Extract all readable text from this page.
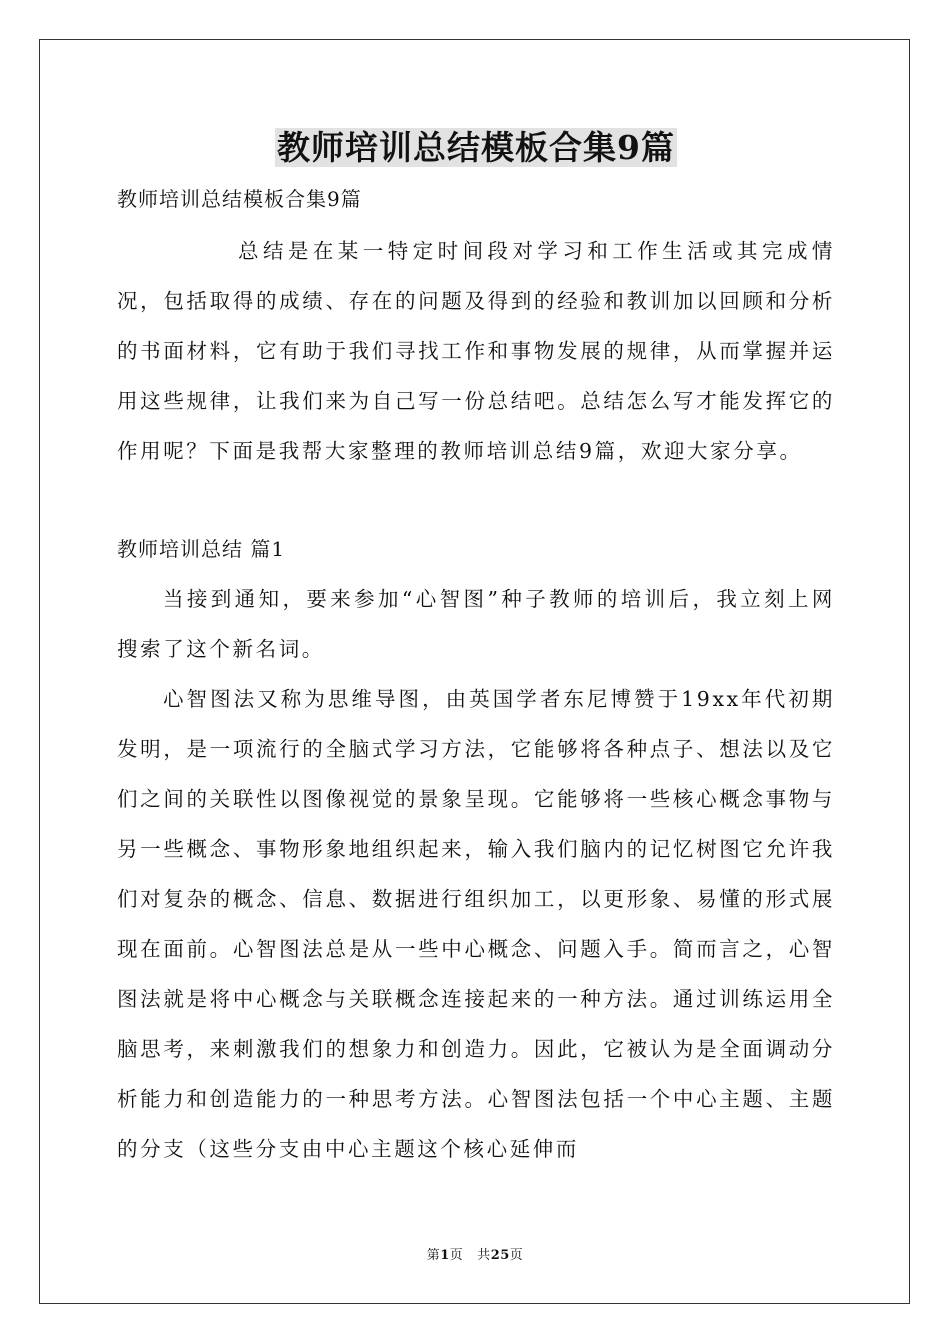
教师培训总结模板合集9篇
教师培训总结模板合集9篇

总结是在某一特定时间段对学习和工作生活或其完成情况，包括取得的成绩、存在的问题及得到的经验和教训加以回顾和分析的书面材料，它有助于我们寻找工作和事物发展的规律，从而掌握并运用这些规律，让我们来为自己写一份总结吧。总结怎么写才能发挥它的作用呢？下面是我帮大家整理的教师培训总结9篇，欢迎大家分享。

教师培训总结 篇1

当接到通知，要来参加“心智图”种子教师的培训后，我立刻上网搜索了这个新名词。

心智图法又称为思维导图，由英国学者东尼博赞于19xx年代初期发明，是一项流行的全脑式学习方法，它能够将各种点子、想法以及它们之间的关联性以图像视觉的景象呈现。它能够将一些核心概念事物与另一些概念、事物形象地组织起来，输入我们脑内的记忆树图它允许我们对复杂的概念、信息、数据进行组织加工，以更形象、易懂的形式展现在面前。心智图法总是从一些中心概念、问题入手。简而言之，心智图法就是将中心概念与关联概念连接起来的一种方法。通过训练运用全脑思考，来刺激我们的想象力和创造力。因此，它被认为是全面调动分析能力和创造能力的一种思考方法。心智图法包括一个中心主题、主题的分支（这些分支由中心主题这个核心延伸而

第1页 共25页
